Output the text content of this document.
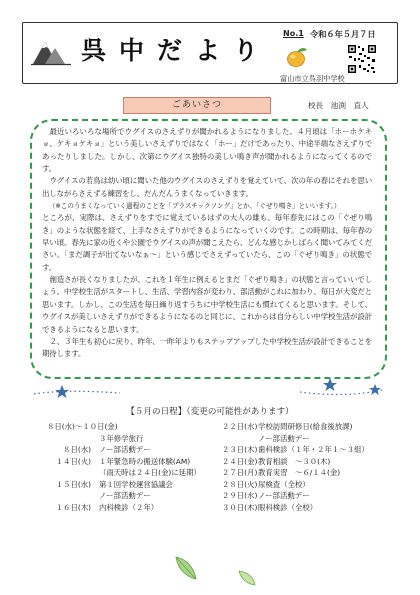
呉中だより
No.1 令和６年５月７日
富山市立呉羽中学校
ごあいさつ	校長　池渕　直人

最近いろいろな場所でウグイスのさえずりが聞かれるようになりました。４月頃は「ホーホケキョ、ケキョケキョ」という美しいさえずりではなく「ホー」だけであったり、中途半端なさえずりであったりしました。しかし、次第にウグイス独特の美しい鳴き声が聞かれるようになってくるのです。

ウグイスの若鳥は幼い頃に聞いた他のウグイスのさえずりを覚えていて、次の年の春にそれを思い出しながらさえずる練習をし、だんだんうまくなっていきます。

（※このうまくなっていく過程のことを「プラスチックソング」とか、「ぐぜり鳴き」といいます。）

ところが、実際は、さえずりをすでに覚えているはずの大人の雄も、毎年春先にはこの「ぐぜり鳴き」のような状態を経て、上手なさえずりができるようになっていくのです。この時期は、毎年春の早い頃。春先に家の近くや公園でウグイスの声が聞こえたら、どんな感じかしばらく聞いてみてください。「まだ調子が出てないなぁ～」という感じでさえずっていたら、この「ぐぜり鳴き」の状態です。

創造さが長くなりましたが、これを１年生に例えるとまだ「ぐぜり鳴き」の状態と言っていいでしょう。中学校生活がスタートし、生活、学習内容が変わり、部活動がこれに加わり、毎日が大変だと思います。しかし、この生活を毎日繰り返すうちに中学校生活にも慣れてくると思います。そして、ウグイスが美しいさえずりができるようになるのと同じに、これからは自分らしい中学校生活が設計できるようになると思います。

２、３年生も初心に戻り、昨年、一昨年よりもステップアップした中学校生活が設計できることを期待します。

【５月の日程】（変更の可能性があります）
８日(水)～１０日(金)
３年修学旅行
８日(水) ノー部活動デー
１４日(火) １年緊急時の搬送体験(AM)
（雨天時は２４日(金)に延期）
１５日(水) 第１回学校運営協議会
ノー部活動デー
１６日(木) 内科検診（２年）
２２日(水) 学校訪問研修日(給食後放課)
ノー部活動デー
２３日(木) 歯科検診（１年・２年１～３組）
２４日(金) 教育相談　～３０(木)
２７日(月) 教育実習　～６/１４(金)
２８日(火) 尿検査（全校）
２９日(水) ノー部活動デー
３０日(木) 眼科検診（全校）
